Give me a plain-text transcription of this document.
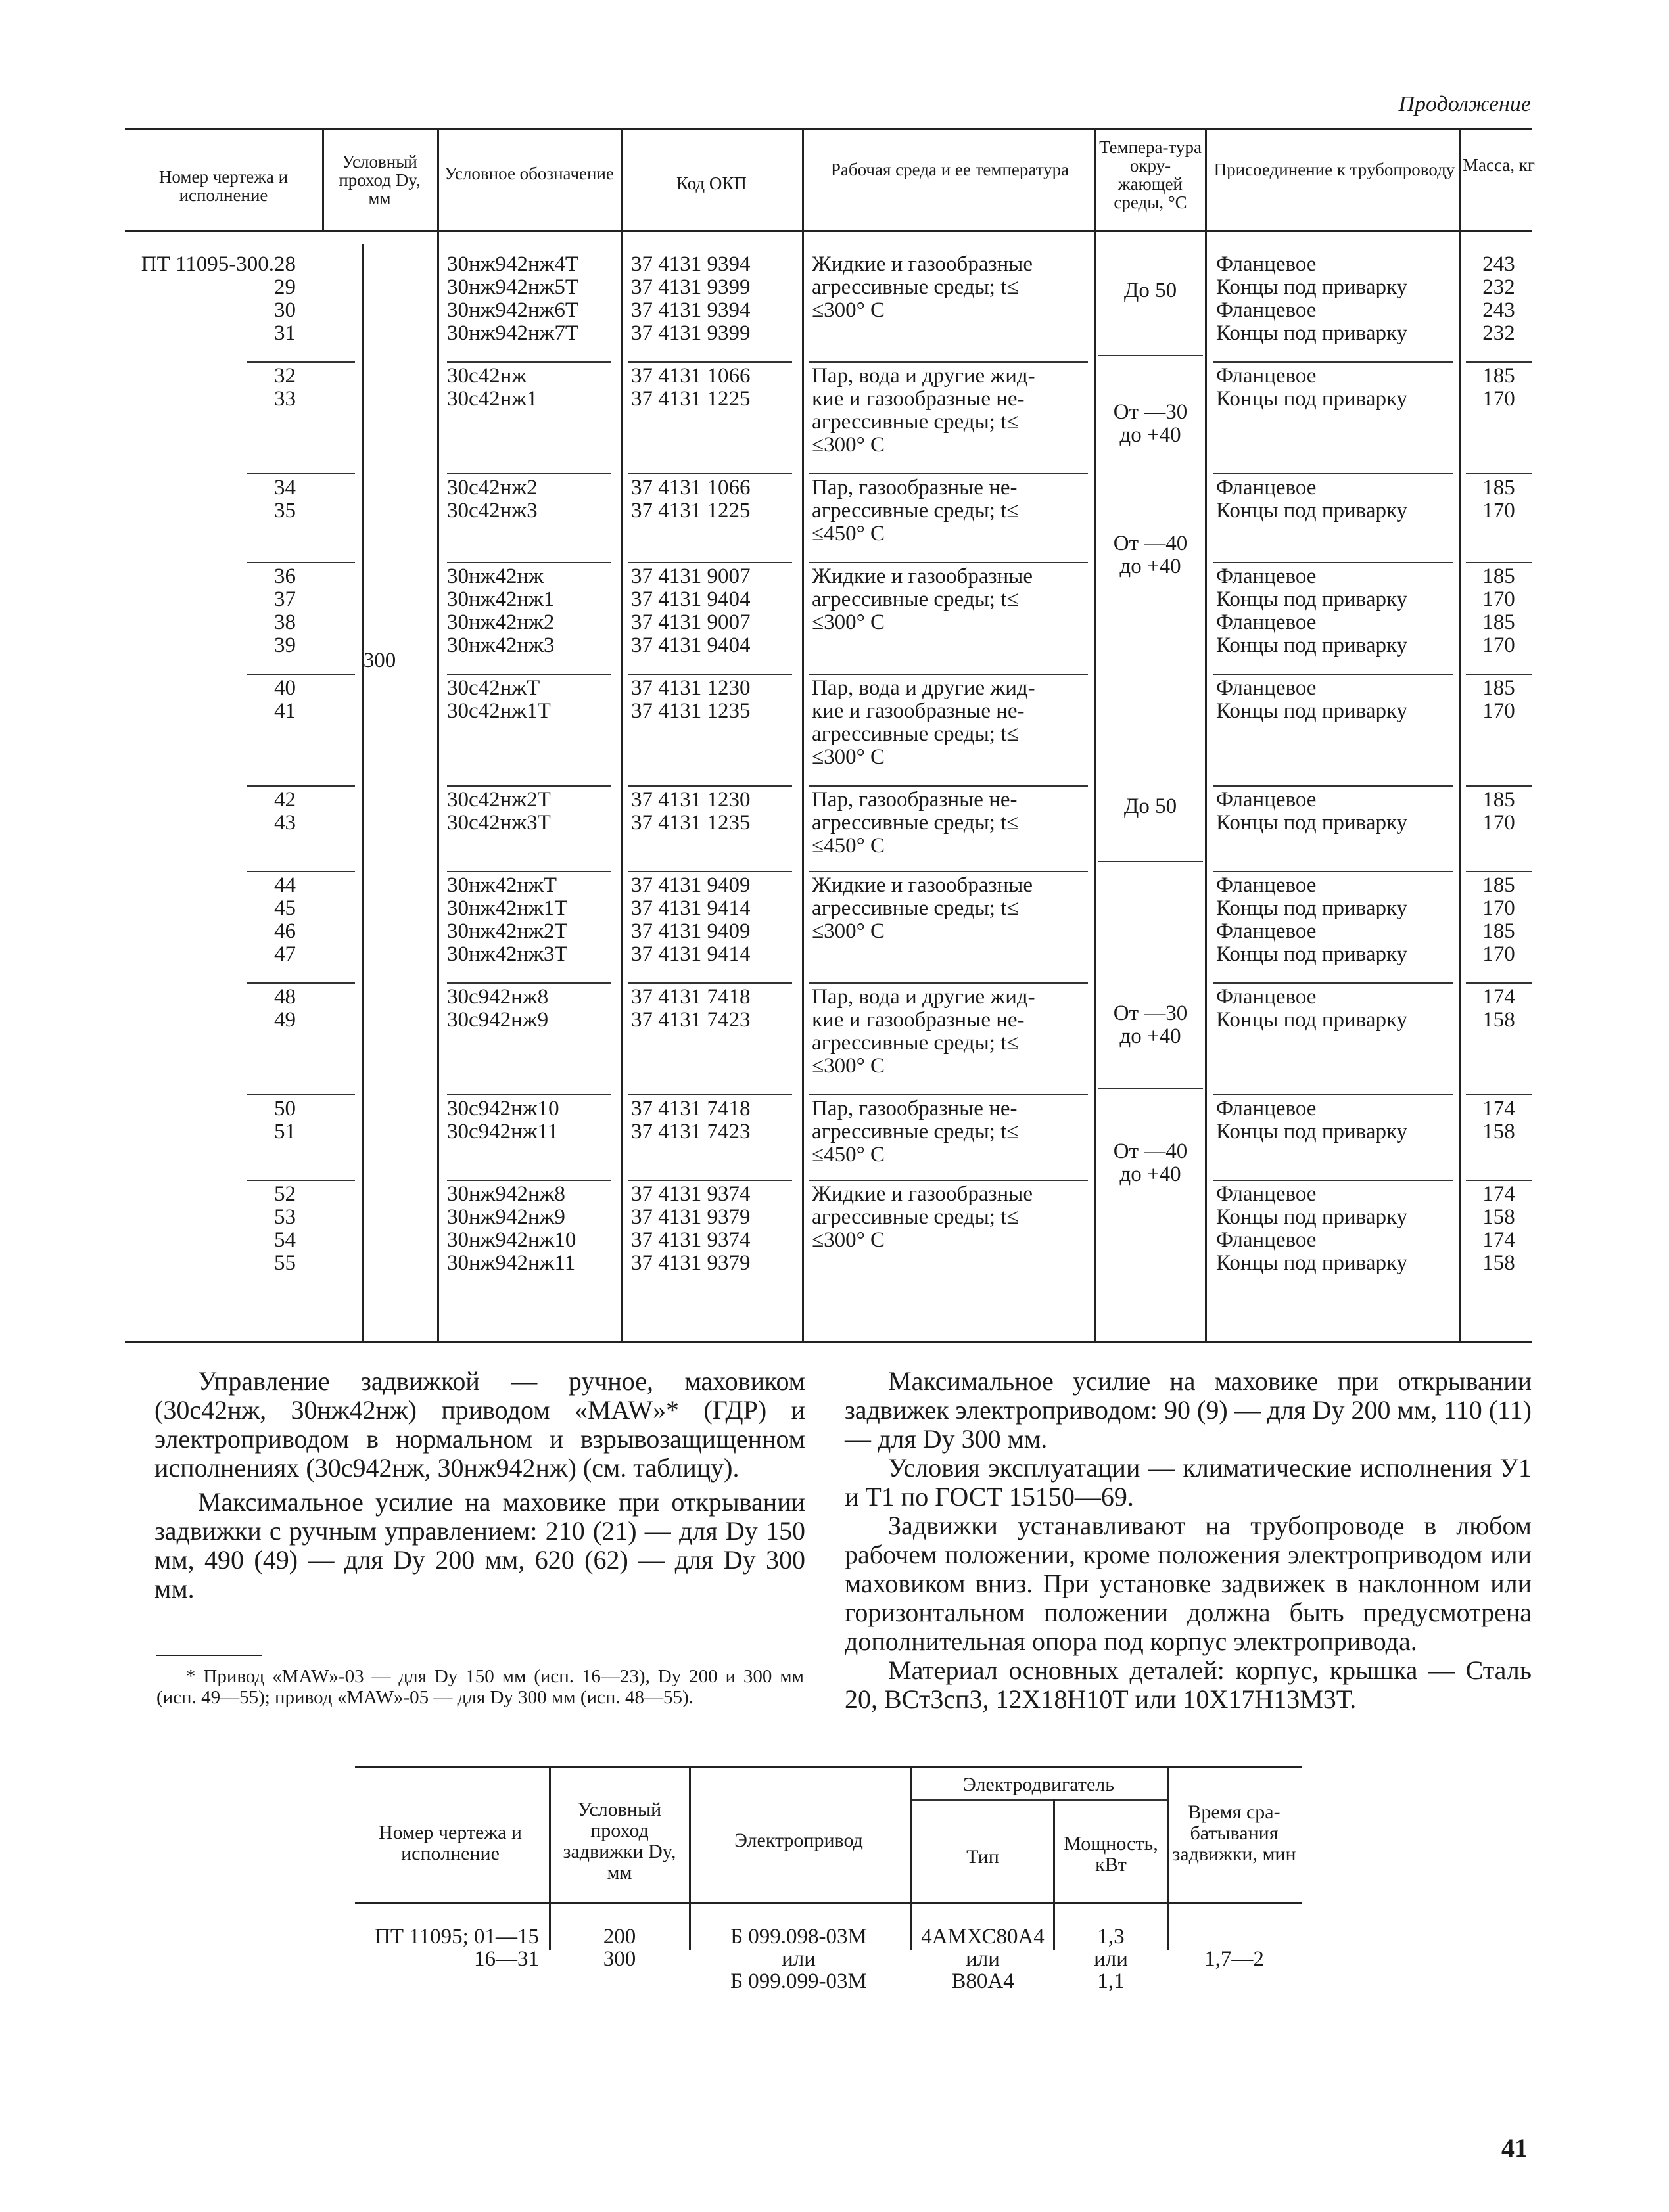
Продолжение
Номер чертежа и исполнение
Условный проход Dy, мм
Условное обозначение	Код ОКП
Рабочая среда и ее температура
Темпера-тура окру-жающей среды, °C
Присоединение к трубопроводу Масса, кг
300
ПТ 11095-300.28
29
30
31
30нж942нж4Т
30нж942нж5Т
30нж942нж6Т
30нж942нж7Т
37 4131 9394
37 4131 9399
37 4131 9394
37 4131 9399
Жидкие и газообразные
агрессивные среды; t≤
≤300° С
Фланцевое
Концы под приварку
Фланцевое
Концы под приварку
243
232
243
232
32
33
30с42нж
30с42нж1
37 4131 1066
37 4131 1225
Пар, вода и другие жид-
кие и газообразные не-
агрессивные среды; t≤
≤300° С
Фланцевое
Концы под приварку
185
170
34
35
30с42нж2
30с42нж3
37 4131 1066
37 4131 1225
Пар, газообразные не-
агрессивные среды; t≤
≤450° С
Фланцевое
Концы под приварку
185
170
36
37
38
39
30нж42нж
30нж42нж1
30нж42нж2
30нж42нж3
37 4131 9007
37 4131 9404
37 4131 9007
37 4131 9404
Жидкие и газообразные
агрессивные среды; t≤
≤300° С
Фланцевое
Концы под приварку
Фланцевое
Концы под приварку
185
170
185
170
40
41
30с42нжТ
30с42нж1Т
37 4131 1230
37 4131 1235
Пар, вода и другие жид-
кие и газообразные не-
агрессивные среды; t≤
≤300° С
Фланцевое
Концы под приварку
185
170
42
43
30с42нж2Т
30с42нж3Т
37 4131 1230
37 4131 1235
Пар, газообразные не-
агрессивные среды; t≤
≤450° С
Фланцевое
Концы под приварку
185
170
44
45
46
47
30нж42нжТ
30нж42нж1Т
30нж42нж2Т
30нж42нж3Т
37 4131 9409
37 4131 9414
37 4131 9409
37 4131 9414
Жидкие и газообразные
агрессивные среды; t≤
≤300° С
Фланцевое
Концы под приварку
Фланцевое
Концы под приварку
185
170
185
170
48
49
30с942нж8
30с942нж9
37 4131 7418
37 4131 7423
Пар, вода и другие жид-
кие и газообразные не-
агрессивные среды; t≤
≤300° С
Фланцевое
Концы под приварку
174
158
50
51
30с942нж10
30с942нж11
37 4131 7418
37 4131 7423
Пар, газообразные не-
агрессивные среды; t≤
≤450° С
Фланцевое
Концы под приварку
174
158
52
53
54
55
30нж942нж8
30нж942нж9
30нж942нж10
30нж942нж11
37 4131 9374
37 4131 9379
37 4131 9374
37 4131 9379
Жидкие и газообразные
агрессивные среды; t≤
≤300° С
Фланцевое
Концы под приварку
Фланцевое
Концы под приварку
174
158
174
158
До 50
От —30
до +40
От —40
до +40
До 50
От —30
до +40
От —40
до +40

Управление задвижкой — ручное, маховиком (30с42нж, 30нж42нж) приводом «MAW»* (ГДР) и электроприводом в нормальном и взрывозащищенном исполнениях (30с942нж, 30нж942нж) (см. таблицу).

Максимальное усилие на маховике при открывании задвижки с ручным управлением: 210 (21) — для Dy 150 мм, 490 (49) — для Dy 200 мм, 620 (62) — для Dy 300 мм.

* Привод «MAW»-03 — для Dy 150 мм (исп. 16—23), Dy 200 и 300 мм (исп. 49—55); привод «MAW»-05 — для Dy 300 мм (исп. 48—55).

Максимальное усилие на маховике при открывании задвижек электроприводом: 90 (9) — для Dy 200 мм, 110 (11) — для Dy 300 мм.

Условия эксплуатации — климатические исполнения У1 и Т1 по ГОСТ 15150—69.

Задвижки устанавливают на трубопроводе в любом рабочем положении, кроме положения электроприводом или маховиком вниз. При установке задвижек в наклонном или горизонтальном положении должна быть предусмотрена дополнительная опора под корпус электропривода.

Материал основных деталей: корпус, крышка — Сталь 20, ВСт3сп3, 12Х18Н10Т или 10Х17Н13М3Т.

Номер чертежа и исполнение
Условный проход задвижки Dy, мм
Электропривод
Электродвигатель
Тип
Мощность, кВт
Время сра-батывания задвижки, мин
ПТ 11095; 01—15
16—31
200
300
Б 099.098-03М
или
Б 099.099-03М
4АМХС80А4
или
В80А4
1,3
или
1,1
1,7—2
41
